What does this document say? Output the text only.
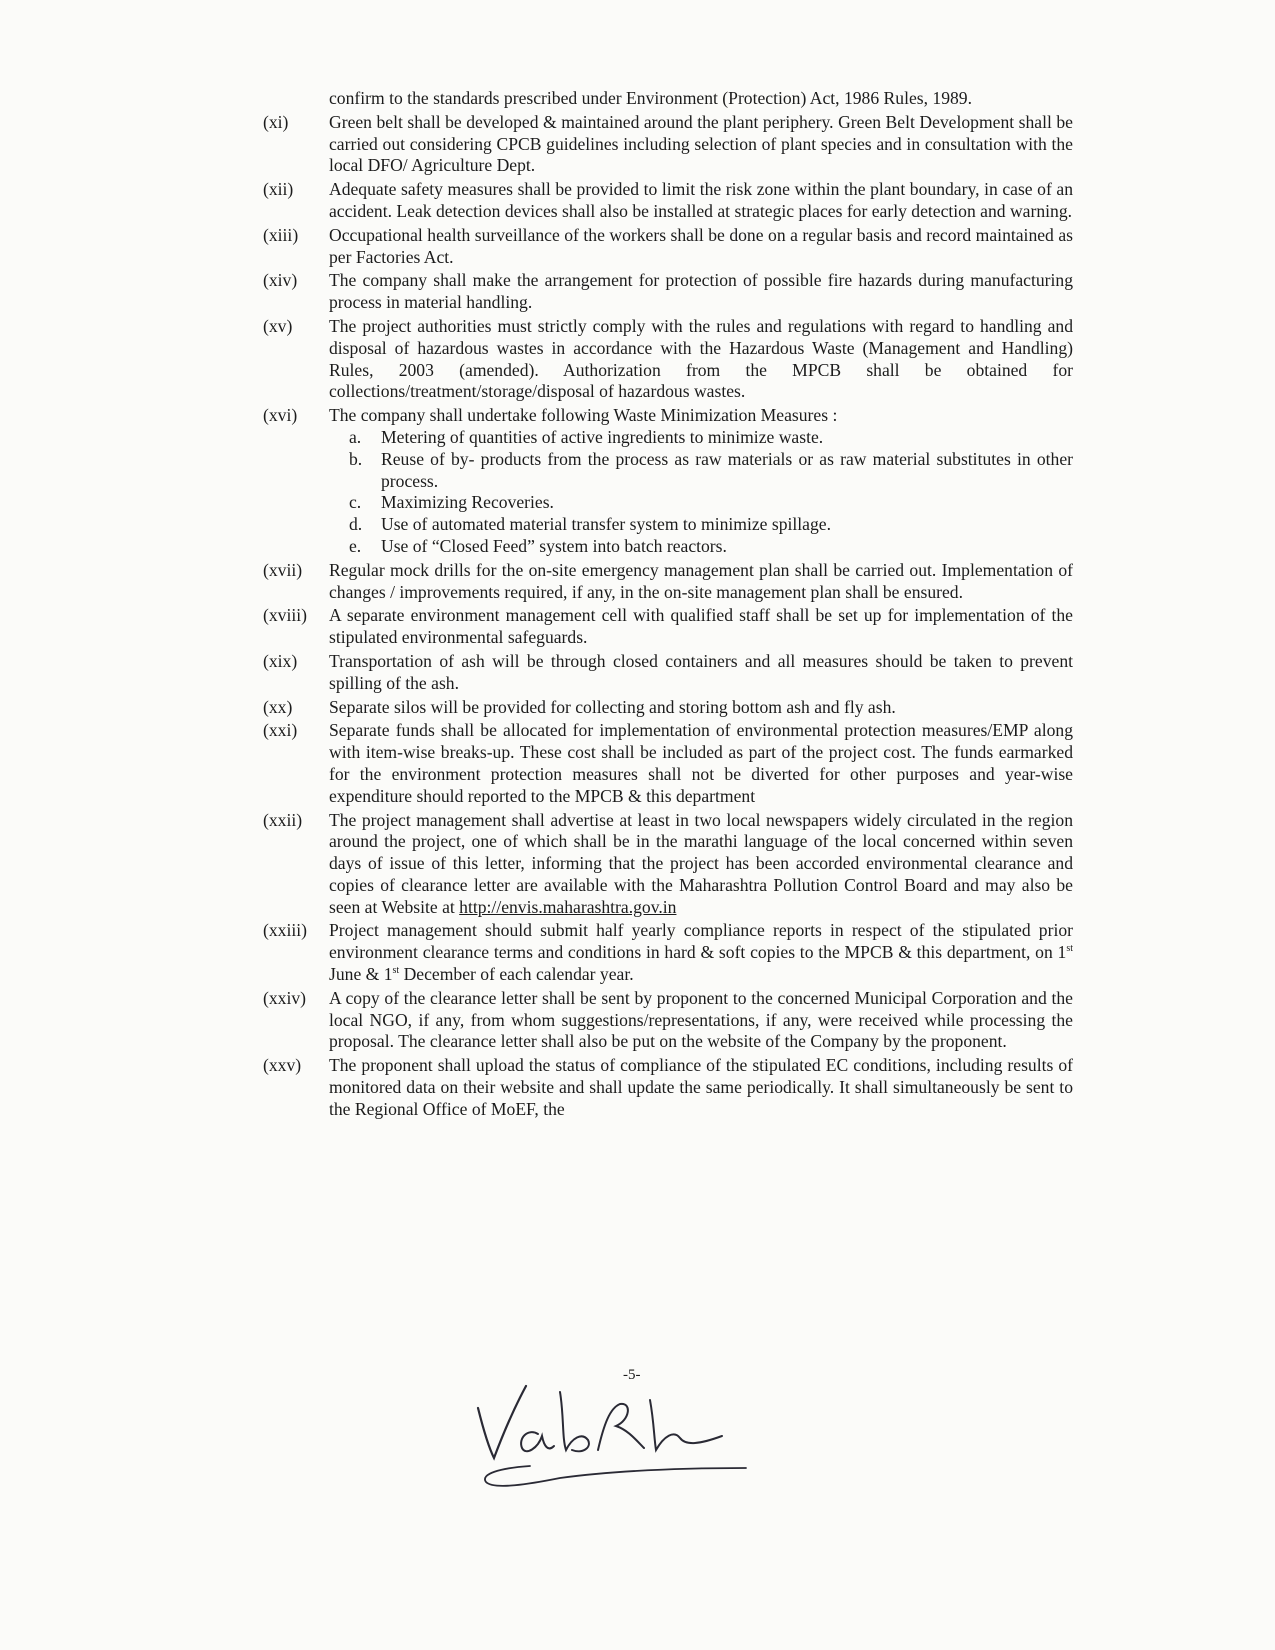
confirm to the standards prescribed under Environment (Protection) Act, 1986 Rules, 1989.
(xi)	Green belt shall be developed & maintained around the plant periphery. Green Belt Development shall be carried out considering CPCB guidelines including selection of plant species and in consultation with the local DFO/ Agriculture Dept.
(xii)	Adequate safety measures shall be provided to limit the risk zone within the plant boundary, in case of an accident. Leak detection devices shall also be installed at strategic places for early detection and warning.
(xiii)	Occupational health surveillance of the workers shall be done on a regular basis and record maintained as per Factories Act.
(xiv)	The company shall make the arrangement for protection of possible fire hazards during manufacturing process in material handling.
(xv)	The project authorities must strictly comply with the rules and regulations with regard to handling and disposal of hazardous wastes in accordance with the Hazardous Waste (Management and Handling) Rules, 2003 (amended). Authorization from the MPCB shall be obtained for collections/treatment/storage/disposal of hazardous wastes.
(xvi)	The company shall undertake following Waste Minimization Measures :
a.	Metering of quantities of active ingredients to minimize waste.
b.	Reuse of by- products from the process as raw materials or as raw material substitutes in other process.
c.	Maximizing Recoveries.
d.	Use of automated material transfer system to minimize spillage.
e.	Use of “Closed Feed” system into batch reactors.
(xvii)	Regular mock drills for the on-site emergency management plan shall be carried out. Implementation of changes / improvements required, if any, in the on-site management plan shall be ensured.
(xviii)	A separate environment management cell with qualified staff shall be set up for implementation of the stipulated environmental safeguards.
(xix)	Transportation of ash will be through closed containers and all measures should be taken to prevent spilling of the ash.
(xx)	Separate silos will be provided for collecting and storing bottom ash and fly ash.
(xxi)	Separate funds shall be allocated for implementation of environmental protection measures/EMP along with item-wise breaks-up. These cost shall be included as part of the project cost. The funds earmarked for the environment protection measures shall not be diverted for other purposes and year-wise expenditure should reported to the MPCB & this department
(xxii)	The project management shall advertise at least in two local newspapers widely circulated in the region around the project, one of which shall be in the marathi language of the local concerned within seven days of issue of this letter, informing that the project has been accorded environmental clearance and copies of clearance letter are available with the Maharashtra Pollution Control Board and may also be seen at Website at http://envis.maharashtra.gov.in
(xxiii)	Project management should submit half yearly compliance reports in respect of the stipulated prior environment clearance terms and conditions in hard & soft copies to the MPCB & this department, on 1st June & 1st December of each calendar year.
(xxiv)	A copy of the clearance letter shall be sent by proponent to the concerned Municipal Corporation and the local NGO, if any, from whom suggestions/representations, if any, were received while processing the proposal. The clearance letter shall also be put on the website of the Company by the proponent.
(xxv)	The proponent shall upload the status of compliance of the stipulated EC conditions, including results of monitored data on their website and shall update the same periodically. It shall simultaneously be sent to the Regional Office of MoEF, the
-5-
